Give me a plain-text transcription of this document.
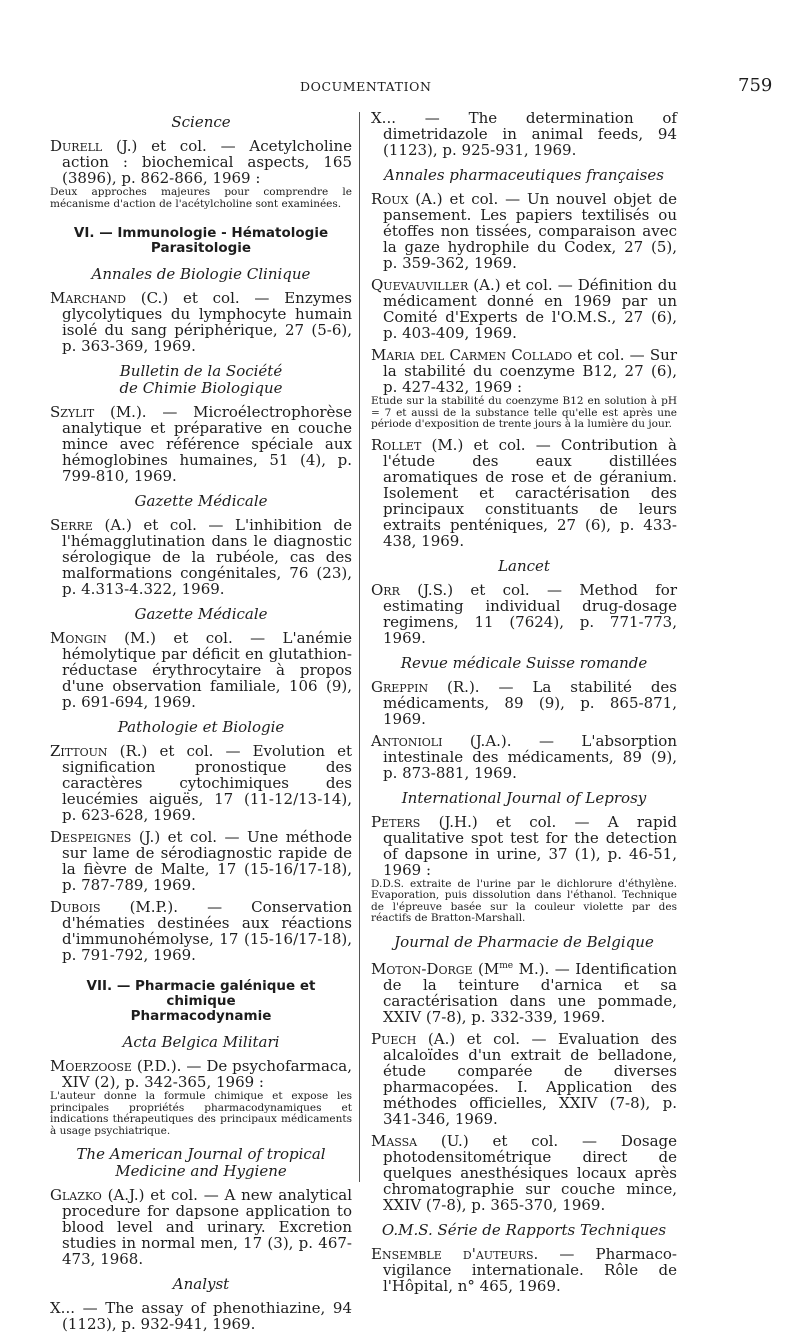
DOCUMENTATION	759
Science
Durell (J.) et col. — Acetylcholine action : biochemical aspects, 165 (3896), p. 862-866, 1969 :
Deux approches majeures pour comprendre le mécanisme d'action de l'acétylcholine sont examinées.
VI. — Immunologie - Hématologie
Parasitologie
Annales de Biologie Clinique
Marchand (C.) et col. — Enzymes glycolytiques du lymphocyte humain isolé du sang périphérique, 27 (5-6), p. 363-369, 1969.
Bulletin de la Société
de Chimie Biologique
Szylit (M.). — Microélectrophorèse analytique et préparative en couche mince avec référence spéciale aux hémoglobines humaines, 51 (4), p. 799-810, 1969.
Gazette Médicale
Serre (A.) et col. — L'inhibition de l'hémagglutination dans le diagnostic sérologique de la rubéole, cas des malformations congénitales, 76 (23), p. 4.313-4.322, 1969.
Gazette Médicale
Mongin (M.) et col. — L'anémie hémolytique par déficit en glutathion-réductase érythrocytaire à propos d'une observation familiale, 106 (9), p. 691-694, 1969.
Pathologie et Biologie
Zittoun (R.) et col. — Evolution et signification pronostique des caractères cytochimiques des leucémies aiguës, 17 (11-12/13-14), p. 623-628, 1969.
Despeignes (J.) et col. — Une méthode sur lame de sérodiagnostic rapide de la fièvre de Malte, 17 (15-16/17-18), p. 787-789, 1969.
Dubois (M.P.). — Conservation d'hématies destinées aux réactions d'immunohémolyse, 17 (15-16/17-18), p. 791-792, 1969.
VII. — Pharmacie galénique et chimique
Pharmacodynamie
Acta Belgica Militari
Moerzoose (P.D.). — De psychofarmaca, XIV (2), p. 342-365, 1969 :
L'auteur donne la formule chimique et expose les principales propriétés pharmacodynamiques et indications thérapeutiques des principaux médicaments à usage psychiatrique.
The American Journal of tropical
Medicine and Hygiene
Glazko (A.J.) et col. — A new analytical procedure for dapsone application to blood level and urinary. Excretion studies in normal men, 17 (3), p. 467-473, 1968.
Analyst
X... — The assay of phenothiazine, 94 (1123), p. 932-941, 1969.
X... — The determination of dimetridazole in animal feeds, 94 (1123), p. 925-931, 1969.
Annales pharmaceutiques françaises
Roux (A.) et col. — Un nouvel objet de pansement. Les papiers textilisés ou étoffes non tissées, comparaison avec la gaze hydrophile du Codex, 27 (5), p. 359-362, 1969.
Quevauviller (A.) et col. — Définition du médicament donné en 1969 par un Comité d'Experts de l'O.M.S., 27 (6), p. 403-409, 1969.
Maria del Carmen Collado et col. — Sur la stabilité du coenzyme B12, 27 (6), p. 427-432, 1969 :
Etude sur la stabilité du coenzyme B12 en solution à pH = 7 et aussi de la substance telle qu'elle est après une période d'exposition de trente jours à la lumière du jour.
Rollet (M.) et col. — Contribution à l'étude des eaux distillées aromatiques de rose et de géranium. Isolement et caractérisation des principaux constituants de leurs extraits penténiques, 27 (6), p. 433-438, 1969.
Lancet
Orr (J.S.) et col. — Method for estimating individual drug-dosage regimens, 11 (7624), p. 771-773, 1969.
Revue médicale Suisse romande
Greppin (R.). — La stabilité des médicaments, 89 (9), p. 865-871, 1969.
Antonioli (J.A.). — L'absorption intestinale des médicaments, 89 (9), p. 873-881, 1969.
International Journal of Leprosy
Peters (J.H.) et col. — A rapid qualitative spot test for the detection of dapsone in urine, 37 (1), p. 46-51, 1969 :
D.D.S. extraite de l'urine par le dichlorure d'éthylène. Evaporation, puis dissolution dans l'éthanol. Technique de l'épreuve basée sur la couleur violette par des réactifs de Bratton-Marshall.
Journal de Pharmacie de Belgique
Moton-Dorge ($M^{me}$ M.). — Identification de la teinture d'arnica et sa caractérisation dans une pommade, XXIV (7-8), p. 332-339, 1969.
Puech (A.) et col. — Evaluation des alcaloïdes d'un extrait de belladone, étude comparée de diverses pharmacopées. I. Application des méthodes officielles, XXIV (7-8), p. 341-346, 1969.
Massa (U.) et col. — Dosage photodensitométrique direct de quelques anesthésiques locaux après chromatographie sur couche mince, XXIV (7-8), p. 365-370, 1969.
O.M.S. Série de Rapports Techniques
Ensemble d'auteurs. — Pharmaco-vigilance internationale. Rôle de l'Hôpital, n° 465, 1969.
